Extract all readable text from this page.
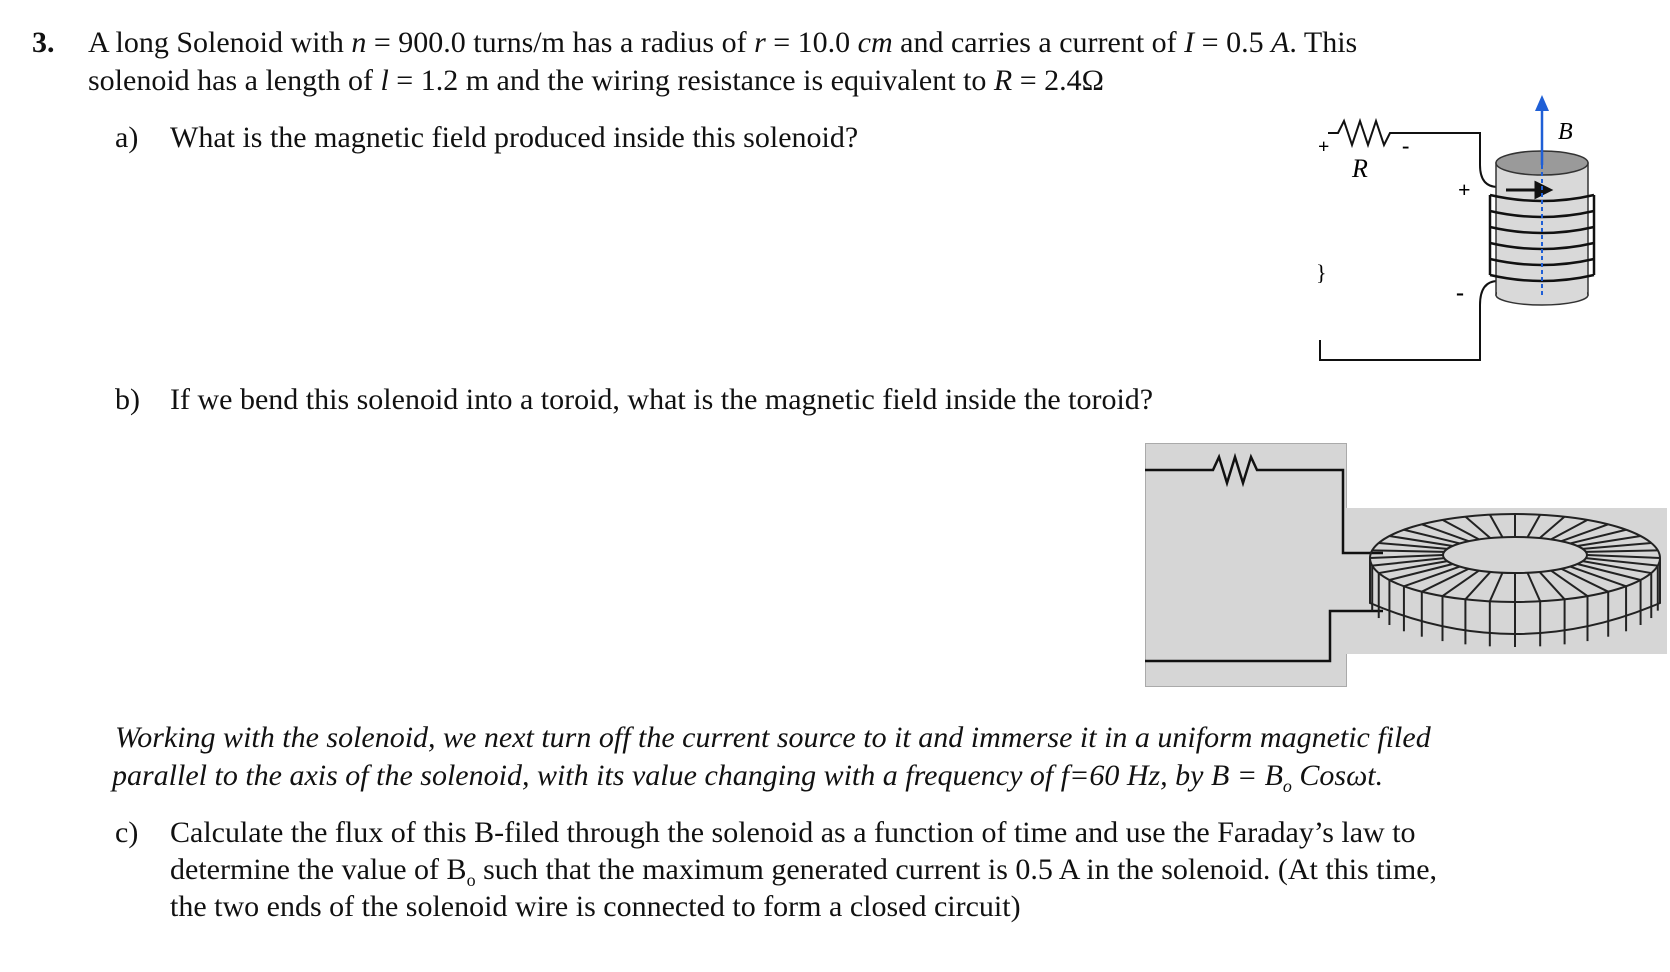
3. A long Solenoid with n = 900.0 turns/m has a radius of r = 10.0 cm and carries a current of I = 0.5 A. This
solenoid has a length of l = 1.2 m and the wiring resistance is equivalent to R = 2.4Ω
a) What is the magnetic field produced inside this solenoid?
b) If we bend this solenoid into a toroid, what is the magnetic field inside the toroid?
+	-
R
+
-
}
B
Working with the solenoid, we next turn off the current source to it and immerse it in a uniform magnetic filed
parallel to the axis of the solenoid, with its value changing with a frequency of f=60 Hz, by $B = B_o$ Cosωt.
c) Calculate the flux of this B-filed through the solenoid as a function of time and use the Faraday’s law to
determine the value of $B_o$ such that the maximum generated current is 0.5 A in the solenoid. (At this time,
the two ends of the solenoid wire is connected to form a closed circuit)
